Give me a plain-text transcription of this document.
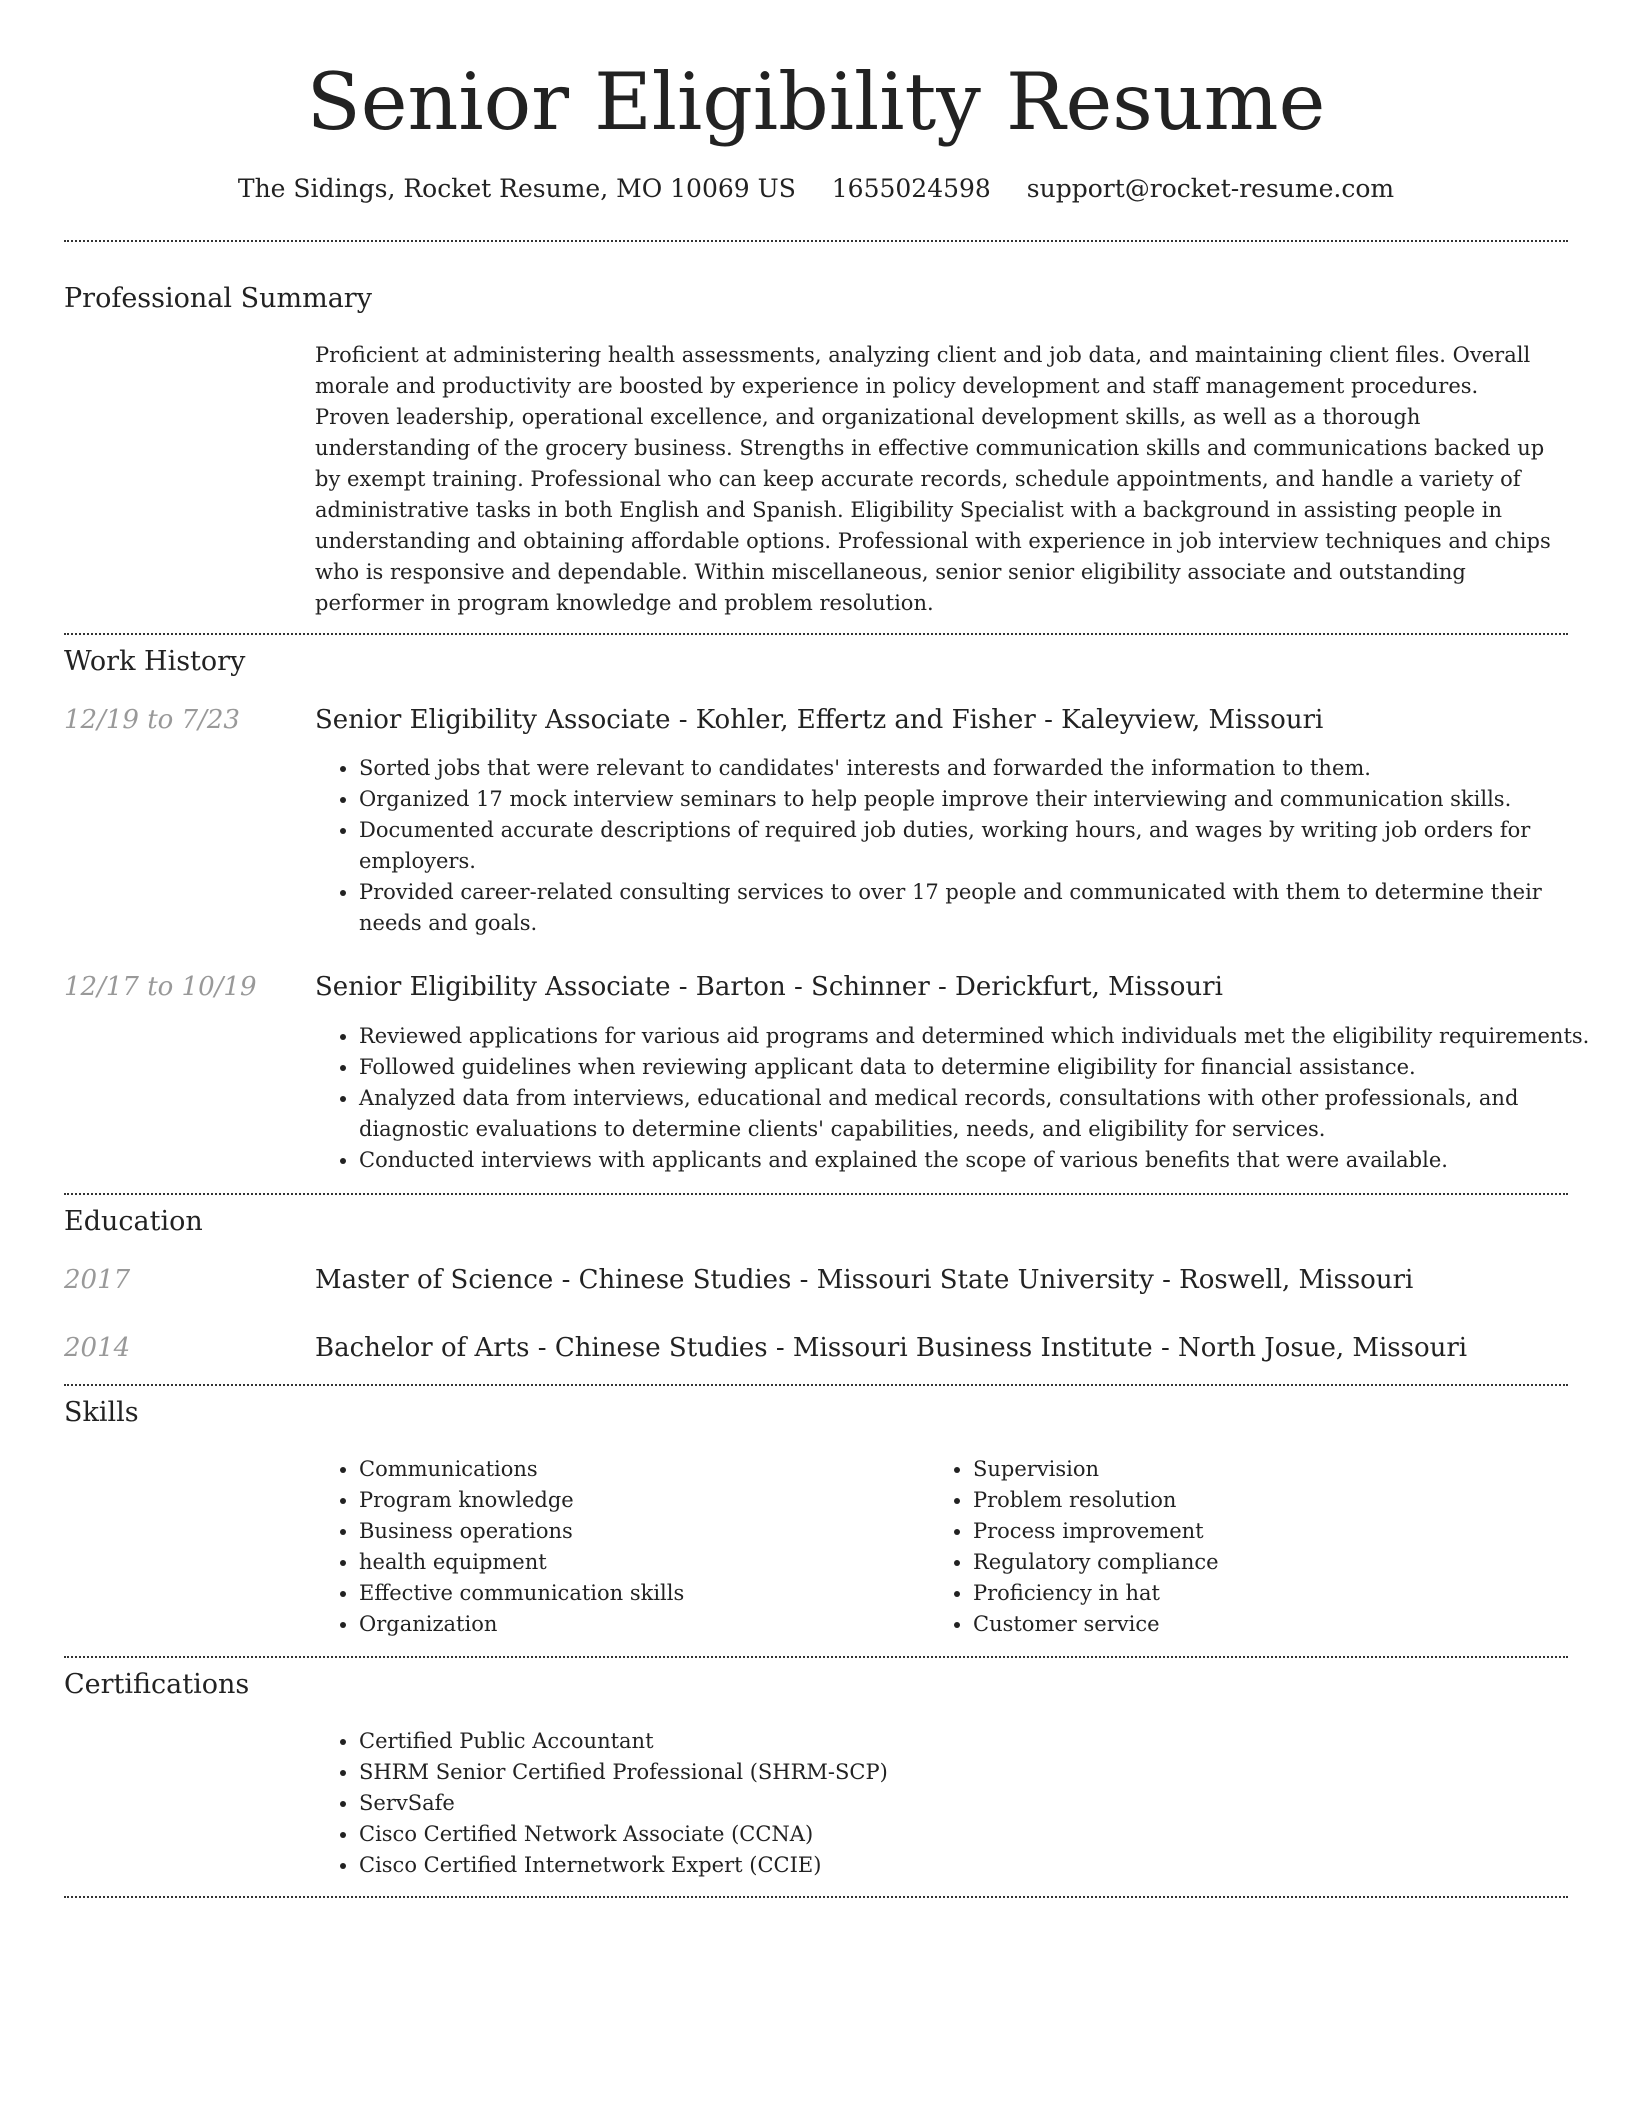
Senior Eligibility Resume
The Sidings, Rocket Resume, MO 10069 US 1655024598 support@rocket-resume.com
Professional Summary
Proficient at administering health assessments, analyzing client and job data, and maintaining client files. Overall morale and productivity are boosted by experience in policy development and staff management procedures. Proven leadership, operational excellence, and organizational development skills, as well as a thorough understanding of the grocery business. Strengths in effective communication skills and communications backed up by exempt training. Professional who can keep accurate records, schedule appointments, and handle a variety of administrative tasks in both English and Spanish. Eligibility Specialist with a background in assisting people in understanding and obtaining affordable options. Professional with experience in job interview techniques and chips who is responsive and dependable. Within miscellaneous, senior senior eligibility associate and outstanding performer in program knowledge and problem resolution.
Work History
12/19 to 7/23	Senior Eligibility Associate - Kohler, Effertz and Fisher - Kaleyview, Missouri
• Sorted jobs that were relevant to candidates' interests and forwarded the information to them.
• Organized 17 mock interview seminars to help people improve their interviewing and communication skills.
• Documented accurate descriptions of required job duties, working hours, and wages by writing job orders for employers.
• Provided career-related consulting services to over 17 people and communicated with them to determine their needs and goals.
12/17 to 10/19 Senior Eligibility Associate - Barton - Schinner - Derickfurt, Missouri
• Reviewed applications for various aid programs and determined which individuals met the eligibility requirements.
• Followed guidelines when reviewing applicant data to determine eligibility for financial assistance.
• Analyzed data from interviews, educational and medical records, consultations with other professionals, and diagnostic evaluations to determine clients' capabilities, needs, and eligibility for services.
• Conducted interviews with applicants and explained the scope of various benefits that were available.
Education
2017	Master of Science - Chinese Studies - Missouri State University - Roswell, Missouri
2014	Bachelor of Arts - Chinese Studies - Missouri Business Institute - North Josue, Missouri
Skills
• Communications
• Program knowledge
• Business operations
• health equipment
• Effective communication skills
• Organization
• Supervision
• Problem resolution
• Process improvement
• Regulatory compliance
• Proficiency in hat
• Customer service
Certifications
• Certified Public Accountant
• SHRM Senior Certified Professional (SHRM-SCP)
• ServSafe
• Cisco Certified Network Associate (CCNA)
• Cisco Certified Internetwork Expert (CCIE)
